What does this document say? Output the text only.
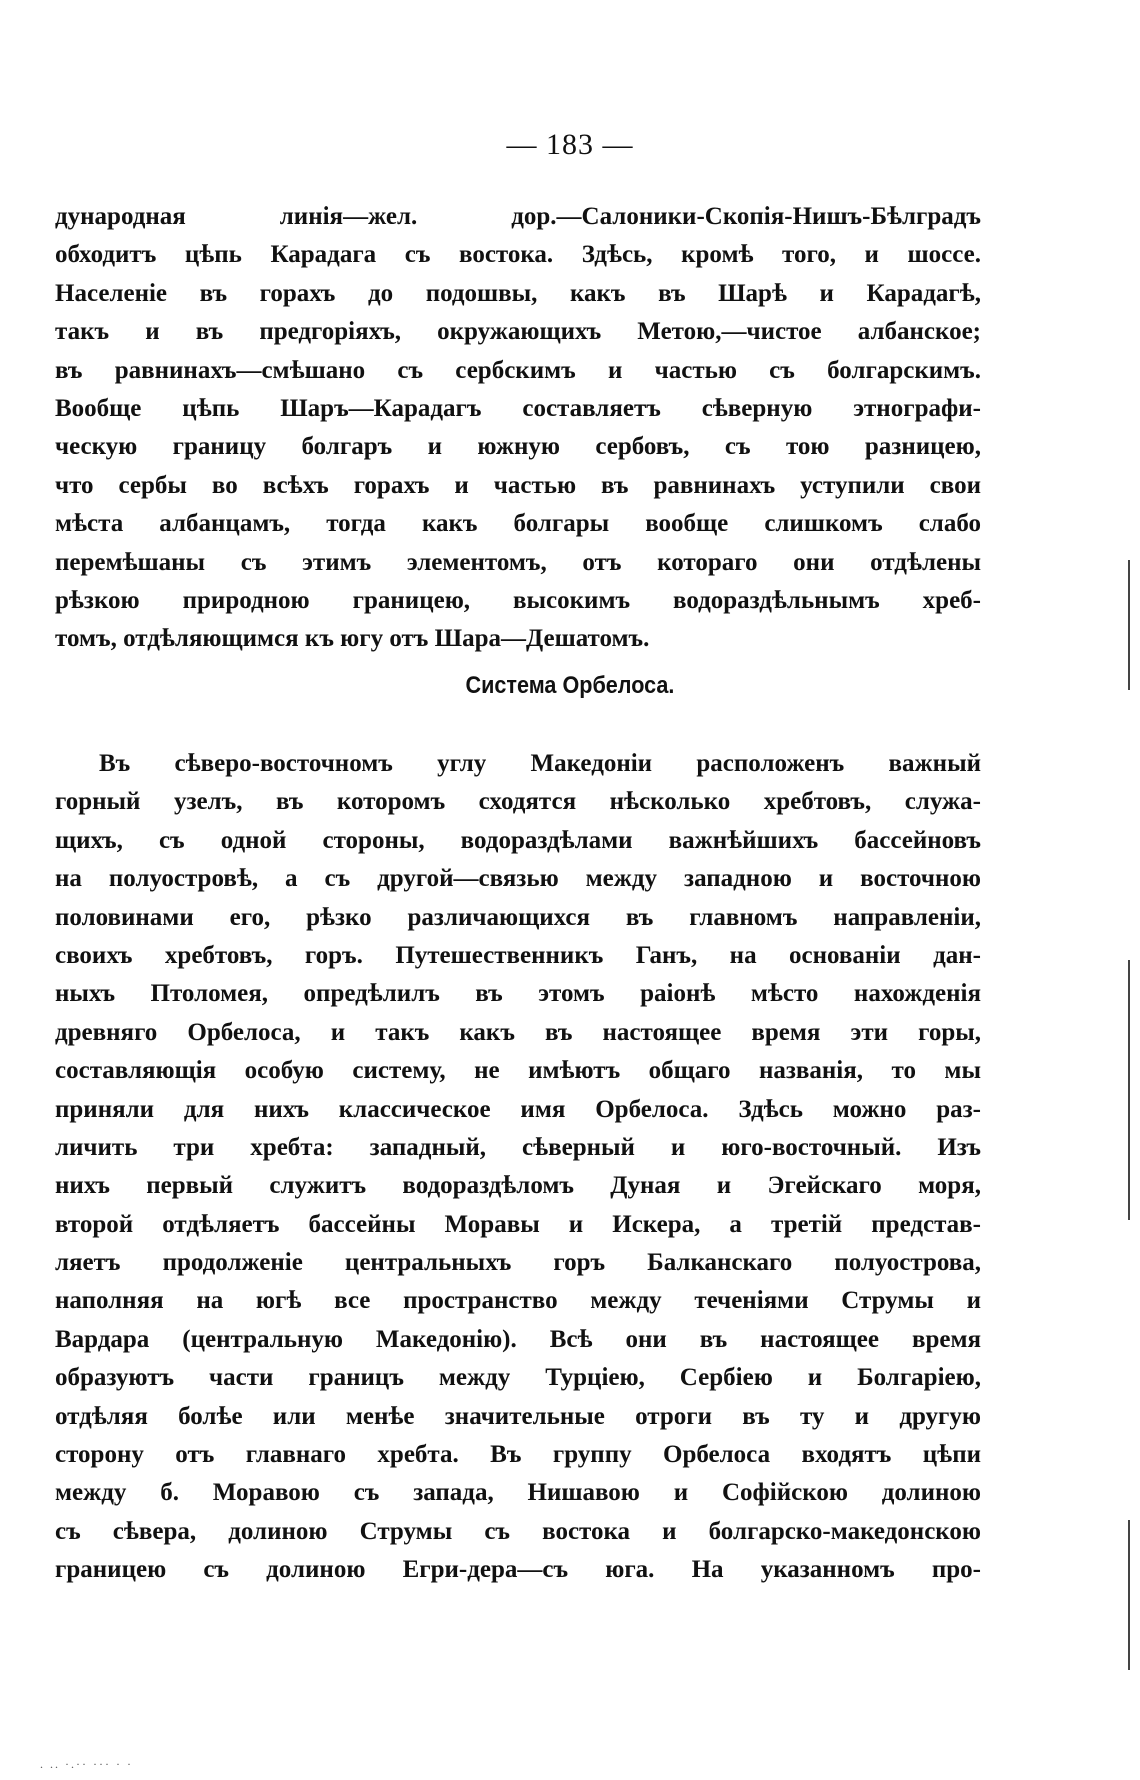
— 183 —
дународная линія—жел. дор.—Салоники-Скопія-Нишъ-Бѣлградъ
обходитъ цѣпь Карадага съ востока. Здѣсь, кромѣ того, и шоссе.
Населеніе въ горахъ до подошвы, какъ въ Шарѣ и Карадагѣ,
такъ и въ предгоріяхъ, окружающихъ Метою,—чистое албанское;
въ равнинахъ—смѣшано съ сербскимъ и частью съ болгарскимъ.
Вообще цѣпь Шаръ—Карадагъ составляетъ сѣверную этнографи-
ческую границу болгаръ и южную сербовъ, съ тою разницею,
что сербы во всѣхъ горахъ и частью въ равнинахъ уступили свои
мѣста албанцамъ, тогда какъ болгары вообще слишкомъ слабо
перемѣшаны съ этимъ элементомъ, отъ котораго они отдѣлены
рѣзкою природною границею, высокимъ водораздѣльнымъ хреб-
томъ, отдѣляющимся къ югу отъ Шара—Дешатомъ.
Система Орбелоса.
Въ сѣверо-восточномъ углу Македоніи расположенъ важный
горный узелъ, въ которомъ сходятся нѣсколько хребтовъ, служа-
щихъ, съ одной стороны, водораздѣлами важнѣйшихъ бассейновъ
на полуостровѣ, а съ другой—связью между западною и восточною
половинами его, рѣзко различающихся въ главномъ направленіи,
своихъ хребтовъ, горъ. Путешественникъ Ганъ, на основаніи дан-
ныхъ Птоломея, опредѣлилъ въ этомъ раіонѣ мѣсто нахожденія
древняго Орбелоса, и такъ какъ въ настоящее время эти горы,
составляющія особую систему, не имѣютъ общаго названія, то мы
приняли для нихъ классическое имя Орбелоса. Здѣсь можно раз-
личить три хребта: западный, сѣверный и юго-восточный. Изъ
нихъ первый служитъ водораздѣломъ Дуная и Эгейскаго моря,
второй отдѣляетъ бассейны Моравы и Искера, а третій представ-
ляетъ продолженіе центральныхъ горъ Балканскаго полуострова,
наполняя на югѣ все пространство между теченіями Струмы и
Вардара (центральную Македонію). Всѣ они въ настоящее время
образуютъ части границъ между Турціею, Сербіею и Болгаріею,
отдѣляя болѣе или менѣе значительные отроги въ ту и другую
сторону отъ главнаго хребта. Въ группу Орбелоса входятъ цѣпи
между б. Моравою съ запада, Нишавою и Софійскою долиною
съ сѣвера, долиною Струмы съ востока и болгарско-македонскою
границею съ долиною Егри-дера—съ юга. На указанномъ про-
. .. ·.·· ··· · ·
